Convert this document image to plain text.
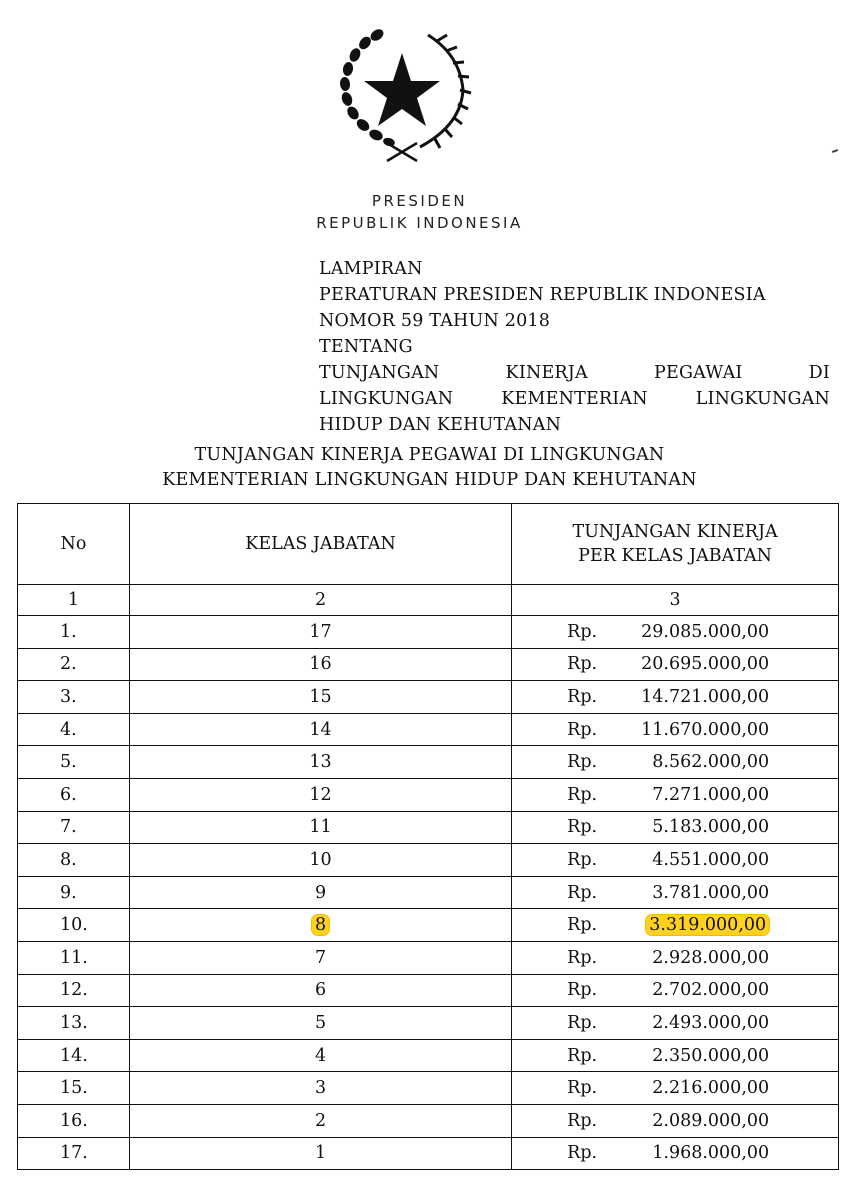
PRESIDEN
REPUBLIK INDONESIA
LAMPIRAN
PERATURAN PRESIDEN REPUBLIK INDONESIA
NOMOR 59 TAHUN 2018
TENTANG
TUNJANGAN KINERJA PEGAWAI DI
LINGKUNGAN KEMENTERIAN LINGKUNGAN
HIDUP DAN KEHUTANAN
TUNJANGAN KINERJA PEGAWAI DI LINGKUNGAN
KEMENTERIAN LINGKUNGAN HIDUP DAN KEHUTANAN
No	KELAS JABATAN	TUNJANGAN KINERJA
PER KELAS JABATAN

1	2	3
1.	17	Rp. 29.085.000,00
2.	16	Rp. 20.695.000,00
3.	15	Rp. 14.721.000,00
4.	14	Rp. 11.670.000,00
5.	13	Rp. 8.562.000,00
6.	12	Rp. 7.271.000,00
7.	11	Rp. 5.183.000,00
8.	10	Rp. 4.551.000,00
9.	9	Rp. 3.781.000,00
10.	8	Rp. 3.319.000,00
11.	7	Rp. 2.928.000,00
12.	6	Rp. 2.702.000,00
13.	5	Rp. 2.493.000,00
14.	4	Rp. 2.350.000,00
15.	3	Rp. 2.216.000,00
16.	2	Rp. 2.089.000,00
17.	1	Rp. 1.968.000,00
